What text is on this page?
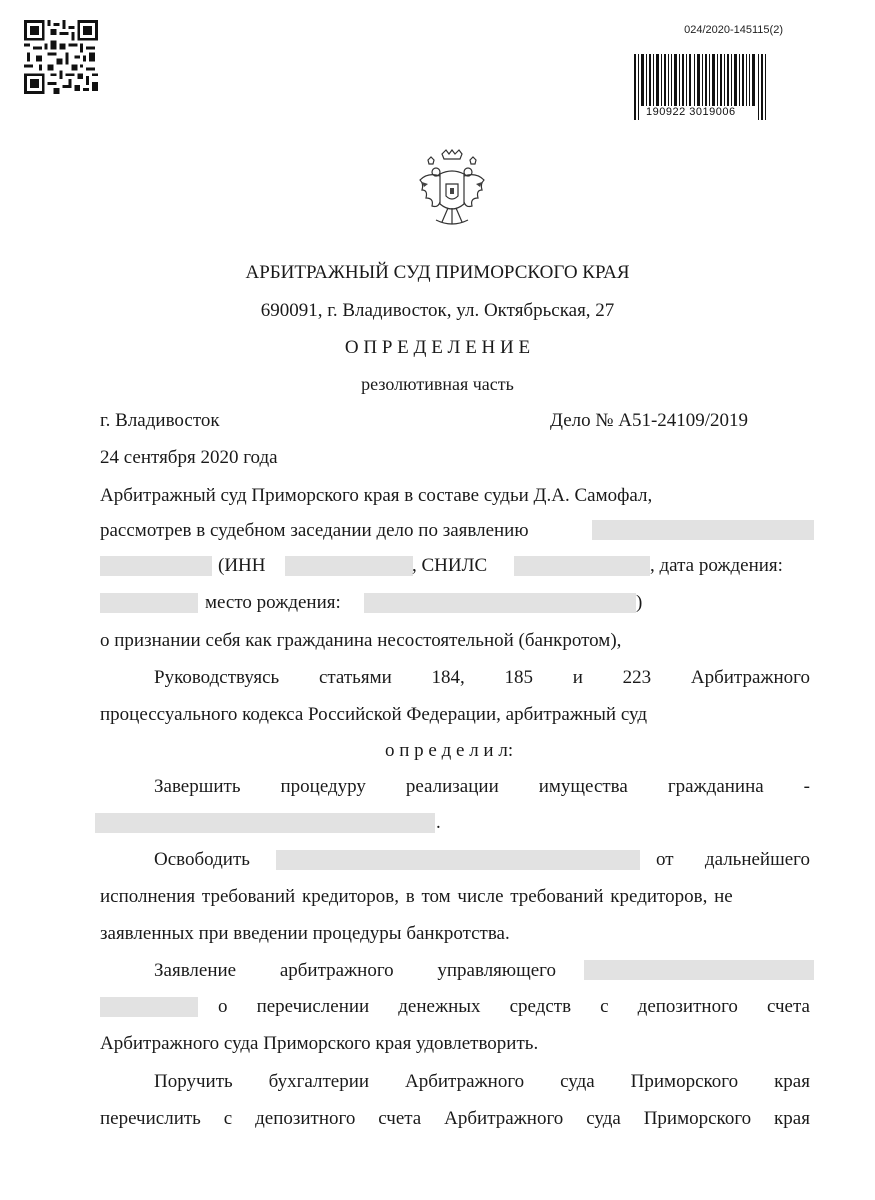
024/2020-145115(2)
190922 3019006
АРБИТРАЖНЫЙ СУД ПРИМОРСКОГО КРАЯ
690091, г. Владивосток, ул. Октябрьская, 27
О П Р Е Д Е Л Е Н И Е
резолютивная часть
г. Владивосток	Дело № А51-24109/2019
24 сентября 2020 года
Арбитражный суд Приморского края в составе судьи Д.А. Самофал,
рассмотрев в судебном заседании дело по заявлению
(ИНН	, СНИЛС	, дата рождения:
место рождения:	)
о признании себя как гражданина несостоятельной (банкротом),
Руководствуясь статьями 184, 185 и 223 Арбитражного
процессуального кодекса Российской Федерации, арбитражный суд
о п р е д е л и л:
Завершить процедуру реализации имущества гражданина -
.
Освободить	от дальнейшего
исполнения требований кредиторов, в том числе требований кредиторов, не
заявленных при введении процедуры банкротства.
Заявление арбитражного управляющего
о перечислении денежных средств с депозитного счета
Арбитражного суда Приморского края удовлетворить.
Поручить бухгалтерии Арбитражного суда Приморского края
перечислить с депозитного счета Арбитражного суда Приморского края
